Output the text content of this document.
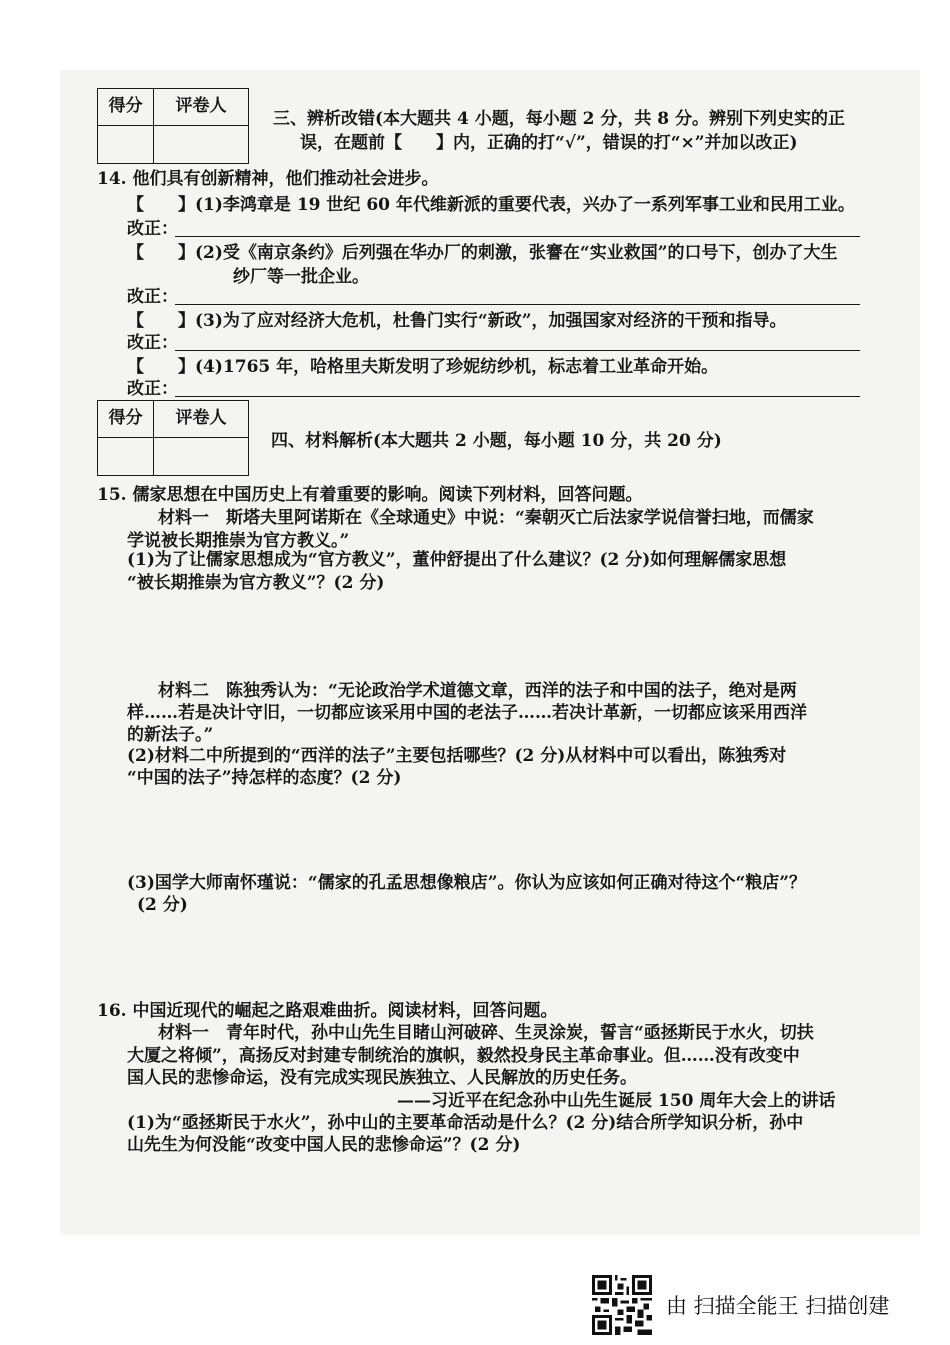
得分	评卷人
三、辨析改错(本大题共 4 小题，每小题 2 分，共 8 分。辨别下列史实的正
误，在题前【　　】内，正确的打“√”，错误的打“×”并加以改正)
14. 他们具有创新精神，他们推动社会进步。
【　　】(1)李鸿章是 19 世纪 60 年代维新派的重要代表，兴办了一系列军事工业和民用工业。
改正：
【　　】(2)受《南京条约》后列强在华办厂的刺激，张謇在“实业救国”的口号下，创办了大生
纱厂等一批企业。
改正：
【　　】(3)为了应对经济大危机，杜鲁门实行“新政”，加强国家对经济的干预和指导。
改正：
【　　】(4)1765 年，哈格里夫斯发明了珍妮纺纱机，标志着工业革命开始。
改正：
得分	评卷人
四、材料解析(本大题共 2 小题，每小题 10 分，共 20 分)
15. 儒家思想在中国历史上有着重要的影响。阅读下列材料，回答问题。
材料一　斯塔夫里阿诺斯在《全球通史》中说：“秦朝灭亡后法家学说信誉扫地，而儒家
学说被长期推崇为官方教义。”
(1)为了让儒家思想成为“官方教义”，董仲舒提出了什么建议？(2 分)如何理解儒家思想
“被长期推崇为官方教义”？(2 分)
材料二　陈独秀认为：“无论政治学术道德文章，西洋的法子和中国的法子，绝对是两
样……若是决计守旧，一切都应该采用中国的老法子……若决计革新，一切都应该采用西洋
的新法子。”
(2)材料二中所提到的“西洋的法子”主要包括哪些？(2 分)从材料中可以看出，陈独秀对
“中国的法子”持怎样的态度？(2 分)
(3)国学大师南怀瑾说：“儒家的孔孟思想像粮店”。你认为应该如何正确对待这个“粮店”？
(2 分)
16. 中国近现代的崛起之路艰难曲折。阅读材料，回答问题。
材料一　青年时代，孙中山先生目睹山河破碎、生灵涂炭，誓言“亟拯斯民于水火，切扶
大厦之将倾”，高扬反对封建专制统治的旗帜，毅然投身民主革命事业。但……没有改变中
国人民的悲惨命运，没有完成实现民族独立、人民解放的历史任务。
——习近平在纪念孙中山先生诞辰 150 周年大会上的讲话
(1)为“亟拯斯民于水火”，孙中山的主要革命活动是什么？(2 分)结合所学知识分析，孙中
山先生为何没能“改变中国人民的悲惨命运”？(2 分)
由 扫描全能王 扫描创建
